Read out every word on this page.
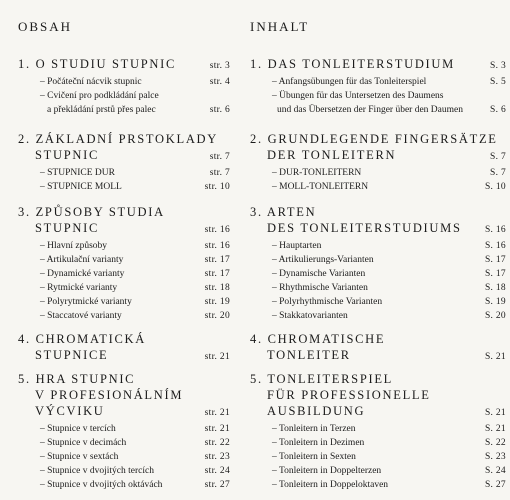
OBSAH
1. O STUDIU STUPNIC	str. 3
– Počáteční nácvik stupnic	str. 4
– Cvičení pro podkládání palce
a překládání prstů přes palec	str. 6
2. ZÁKLADNÍ PRSTOKLADY
STUPNIC	str. 7
– STUPNICE DUR	str. 7
– STUPNICE MOLL	str. 10
3. ZPŮSOBY STUDIA
STUPNIC	str. 16
– Hlavní způsoby	str. 16
– Artikulační varianty	str. 17
– Dynamické varianty	str. 17
– Rytmické varianty	str. 18
– Polyrytmické varianty	str. 19
– Staccatové varianty	str. 20
4. CHROMATICKÁ
STUPNICE	str. 21
5. HRA STUPNIC
V PROFESIONÁLNÍM
VÝCVIKU	str. 21
– Stupnice v tercích	str. 21
– Stupnice v decimách	str. 22
– Stupnice v sextách	str. 23
– Stupnice v dvojitých tercích	str. 24
– Stupnice v dvojitých oktávách	str. 27
INHALT
1. DAS TONLEITERSTUDIUM	S. 3
– Anfangsübungen für das Tonleiterspiel	S. 5
– Übungen für das Untersetzen des Daumens
und das Übersetzen der Finger über den Daumen	S. 6
2. GRUNDLEGENDE FINGERSÄTZE
DER TONLEITERN	S. 7
– DUR-TONLEITERN	S. 7
– MOLL-TONLEITERN	S. 10
3. ARTEN
DES TONLEITERSTUDIUMS	S. 16
– Hauptarten	S. 16
– Artikulierungs-Varianten	S. 17
– Dynamische Varianten	S. 17
– Rhythmische Varianten	S. 18
– Polyrhythmische Varianten	S. 19
– Stakkatovarianten	S. 20
4. CHROMATISCHE
TONLEITER	S. 21
5. TONLEITERSPIEL
FÜR PROFESSIONELLE
AUSBILDUNG	S. 21
– Tonleitern in Terzen	S. 21
– Tonleitern in Dezimen	S. 22
– Tonleitern in Sexten	S. 23
– Tonleitern in Doppelterzen	S. 24
– Tonleitern in Doppeloktaven	S. 27
